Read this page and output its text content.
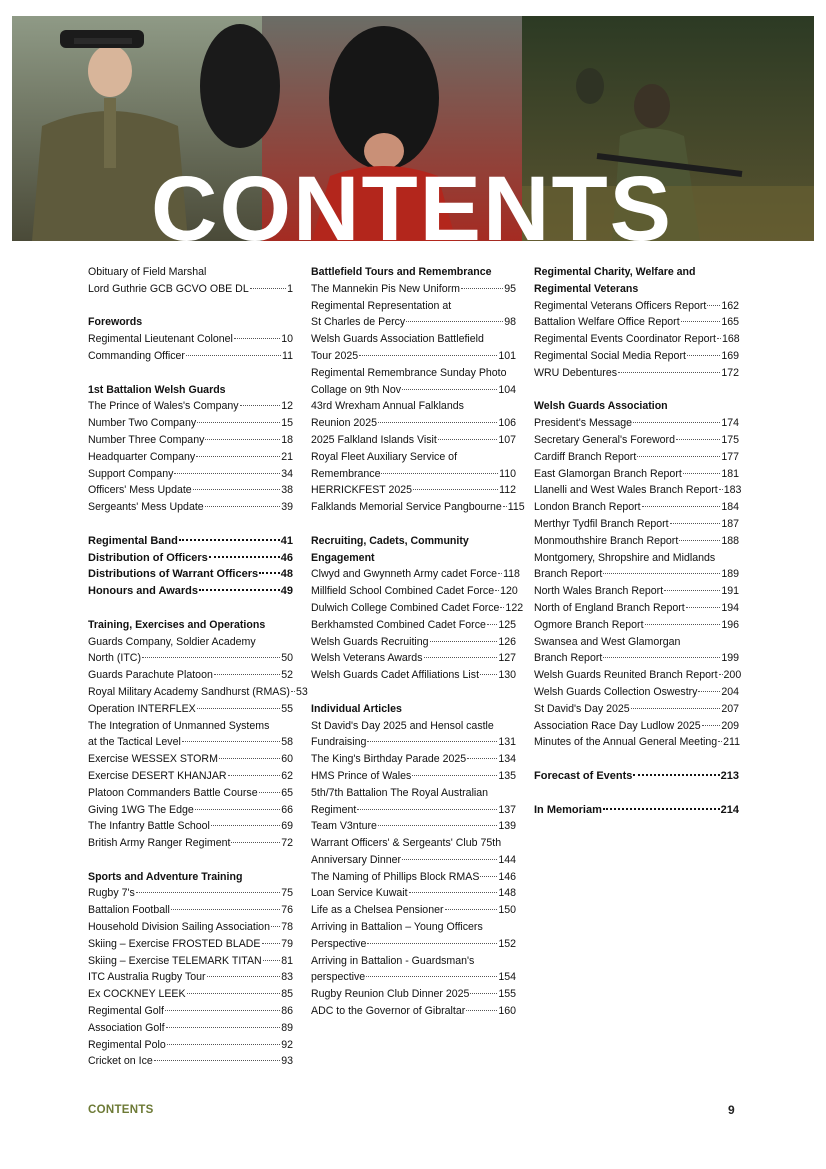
CONTENTS
Obituary of Field Marshal
Lord Guthrie GCB GCVO OBE DL	1
Forewords
Regimental Lieutenant Colonel	10
Commanding Officer	11
1st Battalion Welsh Guards
The Prince of Wales's Company	12
Number Two Company	15
Number Three Company	18
Headquarter Company	21
Support Company	34
Officers' Mess Update	38
Sergeants' Mess Update	39
Regimental Band	41
Distribution of Officers	46
Distributions of Warrant Officers 48
Honours and Awards	49
Training, Exercises and Operations
Guards Company, Soldier Academy
North (ITC)	50
Guards Parachute Platoon	52
Royal Military Academy Sandhurst (RMAS) 53
Operation INTERFLEX	55
The Integration of Unmanned Systems
at the Tactical Level	58
Exercise WESSEX STORM	60
Exercise DESERT KHANJAR	62
Platoon Commanders Battle Course 65
Giving 1WG The Edge	66
The Infantry Battle School	69
British Army Ranger Regiment	72
Sports and Adventure Training
Rugby 7's	75
Battalion Football	76
Household Division Sailing Association 78
Skiing – Exercise FROSTED BLADE 79
Skiing – Exercise TELEMARK TITAN 81
ITC Australia Rugby Tour	83
Ex COCKNEY LEEK	85
Regimental Golf	86
Association Golf	89
Regimental Polo	92
Cricket on Ice	93
Battlefield Tours and Remembrance
The Mannekin Pis New Uniform	95
Regimental Representation at
St Charles de Percy	98
Welsh Guards Association Battlefield
Tour 2025	101
Regimental Remembrance Sunday Photo
Collage on 9th Nov	104
43rd Wrexham Annual Falklands
Reunion 2025	106
2025 Falkland Islands Visit	107
Royal Fleet Auxiliary Service of
Remembrance	110
HERRICKFEST 2025	112
Falklands Memorial Service Pangbourne 115
Recruiting, Cadets, Community
Engagement
Clwyd and Gwynneth Army cadet Force 118
Millfield School Combined Cadet Force 120
Dulwich College Combined Cadet Force 122
Berkhamsted Combined Cadet Force 125
Welsh Guards Recruiting	126
Welsh Veterans Awards	127
Welsh Guards Cadet Affiliations List 130
Individual Articles
St David's Day 2025 and Hensol castle
Fundraising	131
The King's Birthday Parade 2025	134
HMS Prince of Wales	135
5th/7th Battalion The Royal Australian
Regiment	137
Team V3nture	139
Warrant Officers' & Sergeants' Club 75th
Anniversary Dinner	144
The Naming of Phillips Block RMAS 146
Loan Service Kuwait	148
Life as a Chelsea Pensioner	150
Arriving in Battalion – Young Officers
Perspective	152
Arriving in Battalion - Guardsman's
perspective	154
Rugby Reunion Club Dinner 2025	155
ADC to the Governor of Gibraltar	160
Regimental Charity, Welfare and
Regimental Veterans
Regimental Veterans Officers Report 162
Battalion Welfare Office Report	165
Regimental Events Coordinator Report 168
Regimental Social Media Report	169
WRU Debentures	172
Welsh Guards Association
President's Message	174
Secretary General's Foreword	175
Cardiff Branch Report	177
East Glamorgan Branch Report	181
Llanelli and West Wales Branch Report 183
London Branch Report	184
Merthyr Tydfil Branch Report	187
Monmouthshire Branch Report	188
Montgomery, Shropshire and Midlands
Branch Report	189
North Wales Branch Report	191
North of England Branch Report	194
Ogmore Branch Report	196
Swansea and West Glamorgan
Branch Report	199
Welsh Guards Reunited Branch Report 200
Welsh Guards Collection Oswestry 204
St David's Day 2025	207
Association Race Day Ludlow 2025 209
Minutes of the Annual General Meeting 211
Forecast of Events	213
In Memoriam	214
CONTENTS	9
